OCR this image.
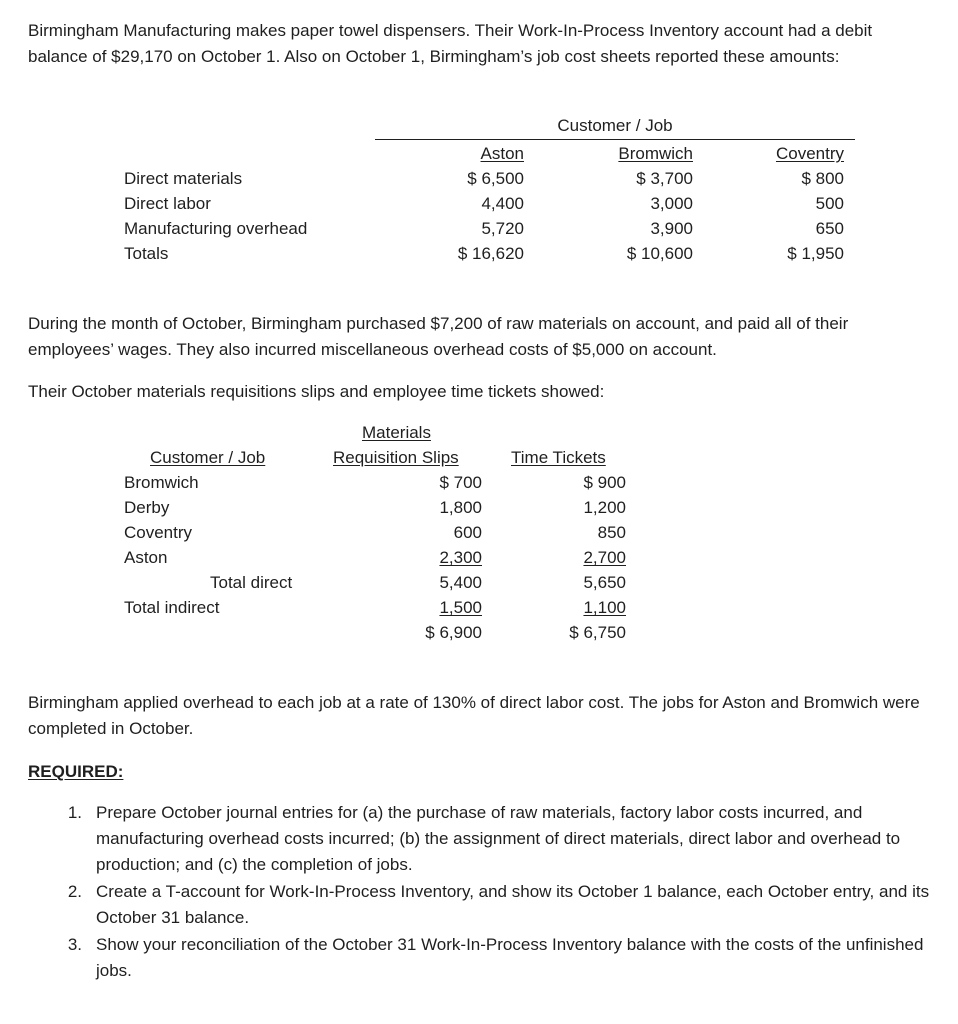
Birmingham Manufacturing makes paper towel dispensers. Their Work-In-Process Inventory account had a debit balance of $29,170 on October 1. Also on October 1, Birmingham’s job cost sheets reported these amounts:
Customer / Job
Aston	Bromwich	Coventry
Direct materials	$ 6,500	$ 3,700	$ 800
Direct labor	4,400	3,000	500
Manufacturing overhead	5,720	3,900	650
Totals	$ 16,620	$ 10,600	$ 1,950
During the month of October, Birmingham purchased $7,200 of raw materials on account, and paid all of their employees’ wages. They also incurred miscellaneous overhead costs of $5,000 on account.
Their October materials requisitions slips and employee time tickets showed:
Customer / Job
Materials
Requisition Slips	Time Tickets
Bromwich	$ 700	$ 900
Derby	1,800	1,200
Coventry	600	850
Aston	2,300	2,700
Total direct	5,400	5,650
Total indirect	1,500	1,100
$ 6,900	$ 6,750
Birmingham applied overhead to each job at a rate of 130% of direct labor cost. The jobs for Aston and Bromwich were completed in October.
REQUIRED:
1. Prepare October journal entries for (a) the purchase of raw materials, factory labor costs incurred, and manufacturing overhead costs incurred; (b) the assignment of direct materials, direct labor and overhead to production; and (c) the completion of jobs.
2. Create a T-account for Work-In-Process Inventory, and show its October 1 balance, each October entry, and its October 31 balance.
3. Show your reconciliation of the October 31 Work-In-Process Inventory balance with the costs of the unfinished jobs.
